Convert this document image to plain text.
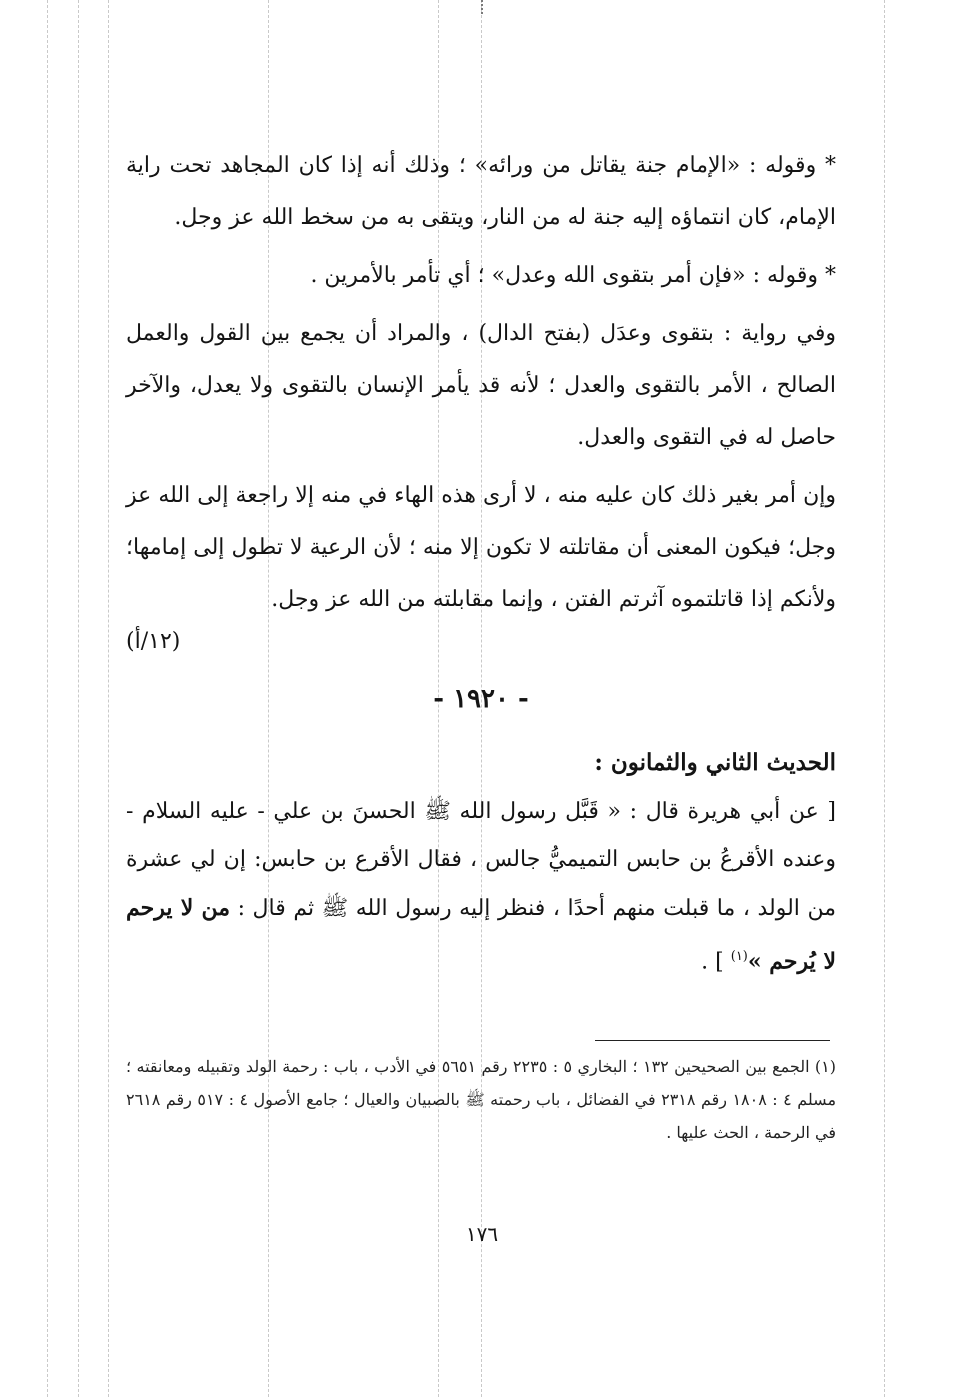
* وقوله : «الإمام جنة يقاتل من ورائه» ؛ وذلك أنه إذا كان المجاهد تحت راية الإمام، كان انتماؤه إليه جنة له من النار، ويتقى به من سخط الله عز وجل.

* وقوله : «فإن أمر بتقوى الله وعدل» ؛ أي تأمر بالأمرين .

وفي رواية : بتقوى وعدَل (بفتح الدال) ، والمراد أن يجمع بين القول والعمل الصالح ، الأمر بالتقوى والعدل ؛ لأنه قد يأمر الإنسان بالتقوى ولا يعدل، والآخر حاصل له في التقوى والعدل.

وإن أمر بغير ذلك كان عليه منه ، لا أرى هذه الهاء في منه إلا راجعة إلى الله عز وجل؛ فيكون المعنى أن مقاتلته لا تكون إلا منه ؛ لأن الرعية لا تطول إلى إمامها؛ ولأنكم إذا قاتلتموه آثرتم الفتن ، وإنما مقابلته من الله عز وجل.

(١٢/أ)
- ١٩٢٠ -

الحديث الثاني والثمانون :

[ عن أبي هريرة قال : « قَبَّل رسول الله ﷺ الحسنَ بن علي - عليه السلام - وعنده الأقرعُ بن حابس التميميُّ جالس ، فقال الأقرع بن حابس: إن لي عشرة من الولد ، ما قبلت منهم أحدًا ، فنظر إليه رسول الله ﷺ ثم قال : من لا يرحم لا يُرحم »$^{(١)}$ ] .

(١) الجمع بين الصحيحين ١٣٢ ؛ البخاري ٥ : ٢٢٣٥ رقم ٥٦٥١ في الأدب ، باب : رحمة الولد وتقبيله ومعانقته ؛ مسلم ٤ : ١٨٠٨ رقم ٢٣١٨ في الفضائل ، باب رحمته ﷺ بالصبيان والعيال ؛ جامع الأصول ٤ : ٥١٧ رقم ٢٦١٨ في الرحمة ، الحث عليها .
١٧٦
